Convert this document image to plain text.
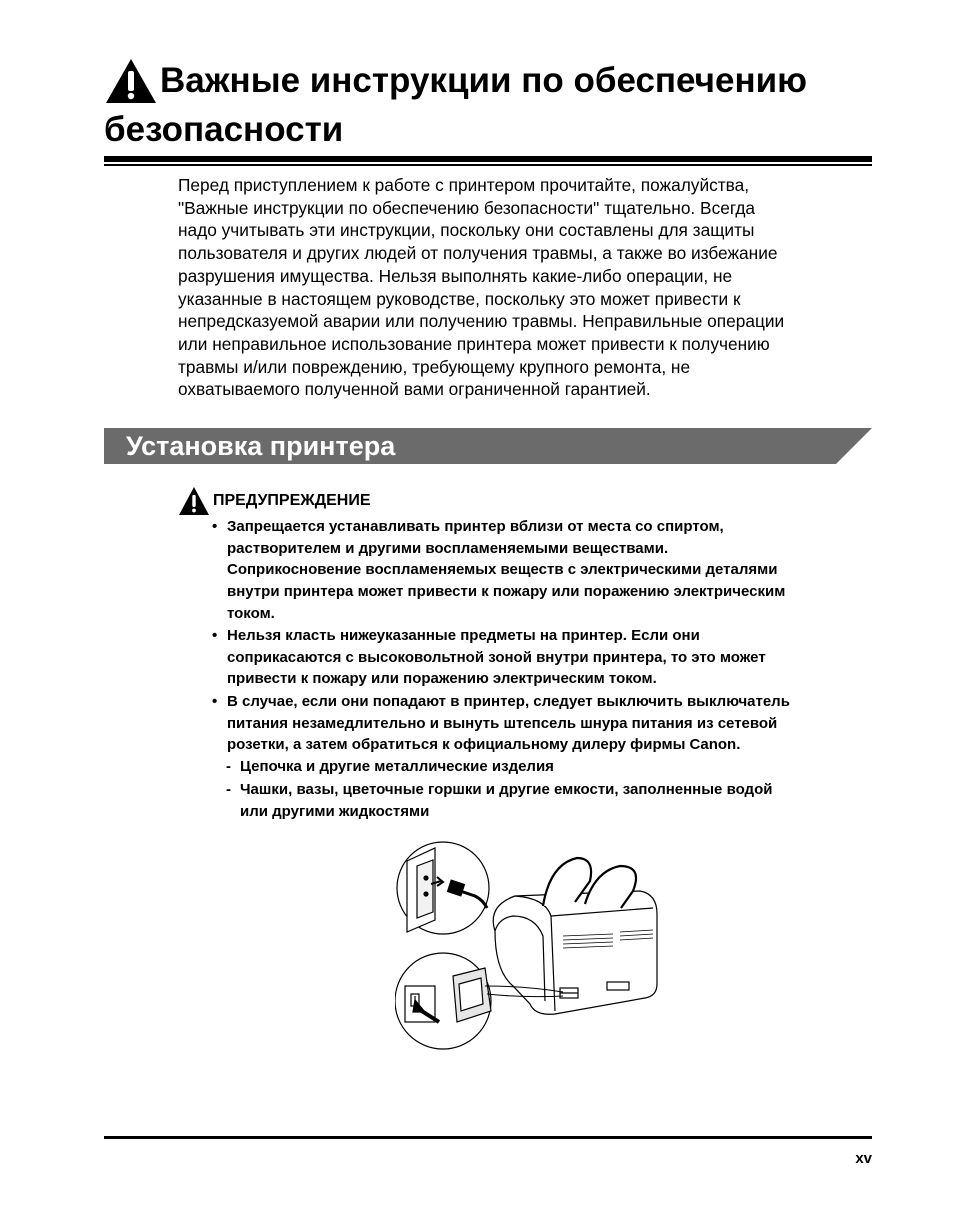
Важные инструкции по обеспечению
безопасности

Перед приступлением к работе с принтером прочитайте, пожалуйства,
"Важные инструкции по обеспечению безопасности" тщательно. Всегда
надо учитывать эти инструкции, поскольку они составлены для защиты
пользователя и других людей от получения травмы, а также во избежание
разрушения имущества. Нельзя выполнять какие-либо операции, не
указанные в настоящем руководстве, поскольку это может привести к
непредсказуемой аварии или получению травмы. Неправильные операции
или неправильное использование принтера может привести к получению
травмы и/или повреждению, требующему крупного ремонта, не
охватываемого полученной вами ограниченной гарантией.

Установка принтера
ПРЕДУПРЕЖДЕНИЕ
• Запрещается устанавливать принтер вблизи от места со спиртом,
растворителем и другими воспламеняемыми веществами.
Соприкосновение воспламеняемых веществ с электрическими деталями
внутри принтера может привести к пожару или поражению электрическим
током.
• Нельзя класть нижеуказанные предметы на принтер. Если они
соприкасаются с высоковольтной зоной внутри принтера, то это может
привести к пожару или поражению электрическим током.
• В случае, если они попадают в принтер, следует выключить выключатель
питания незамедлительно и вынуть штепсель шнура питания из сетевой
розетки, а затем обратиться к официальному дилеру фирмы Canon.
- Цепочка и другие металлические изделия
- Чашки, вазы, цветочные горшки и другие емкости, заполненные водой
или другими жидкостями
xv
